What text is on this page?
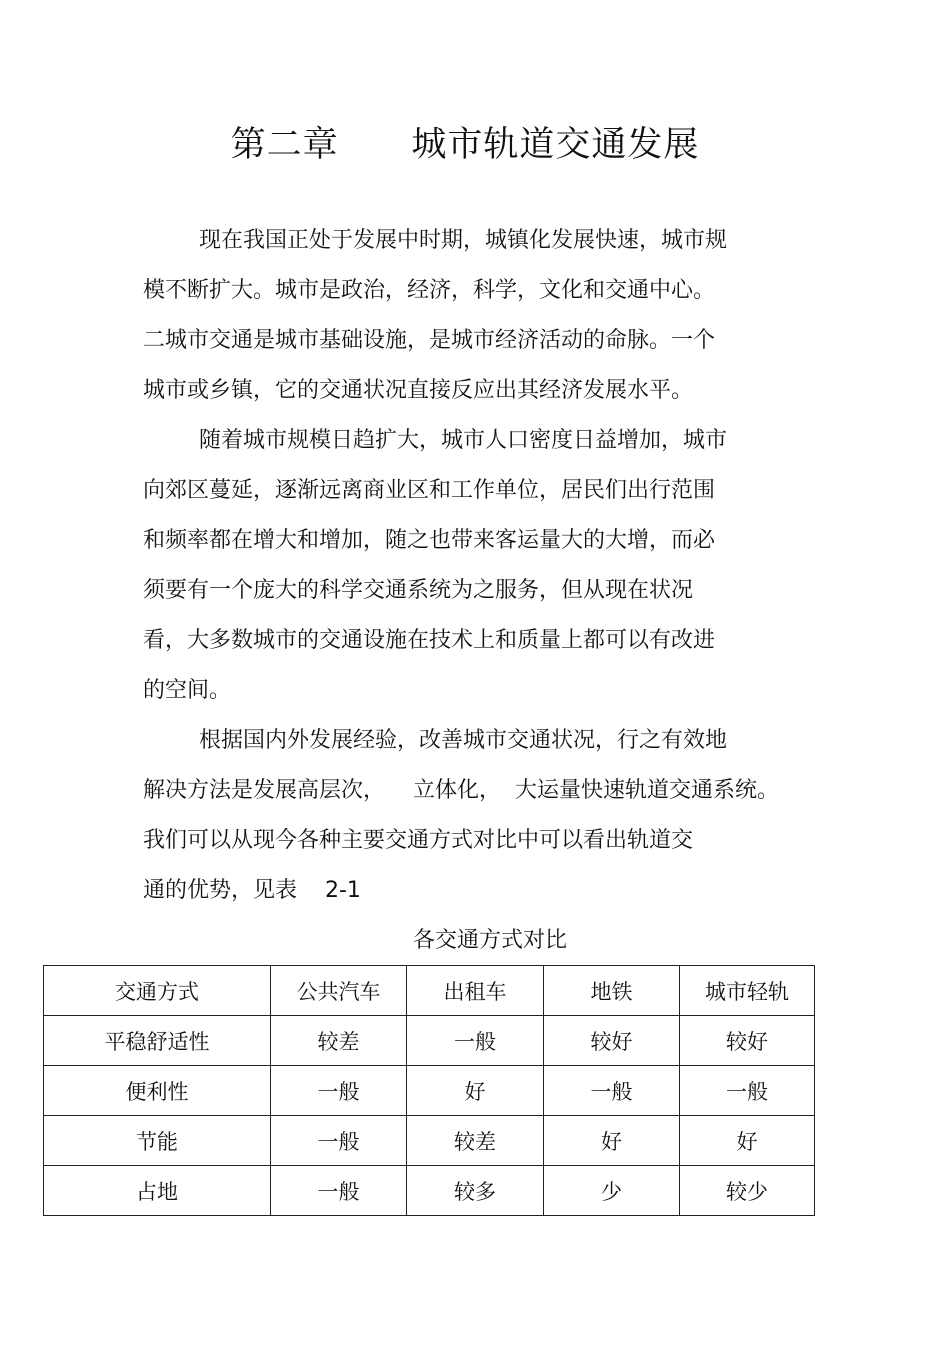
第二章      城市轨道交通发展
现在我国正处于发展中时期，城镇化发展快速，城市规
模不断扩大。城市是政治，经济，科学，文化和交通中心。
二城市交通是城市基础设施，是城市经济活动的命脉。一个
城市或乡镇，它的交通状况直接反应出其经济发展水平。
随着城市规模日趋扩大，城市人口密度日益增加，城市
向郊区蔓延，逐渐远离商业区和工作单位，居民们出行范围
和频率都在增大和增加，随之也带来客运量大的大增，而必
须要有一个庞大的科学交通系统为之服务，但从现在状况
看，大多数城市的交通设施在技术上和质量上都可以有改进
的空间。
根据国内外发展经验，改善城市交通状况，行之有效地
解决方法是发展高层次，    立体化，  大运量快速轨道交通系统。
我们可以从现今各种主要交通方式对比中可以看出轨道交
通的优势，见表    2-1
各交通方式对比
交通方式	公共汽车	出租车	地铁	城市轻轨
平稳舒适性	较差	一般	较好	较好
便利性	一般	好	一般	一般
节能	一般	较差	好	好
占地	一般	较多	少	较少
